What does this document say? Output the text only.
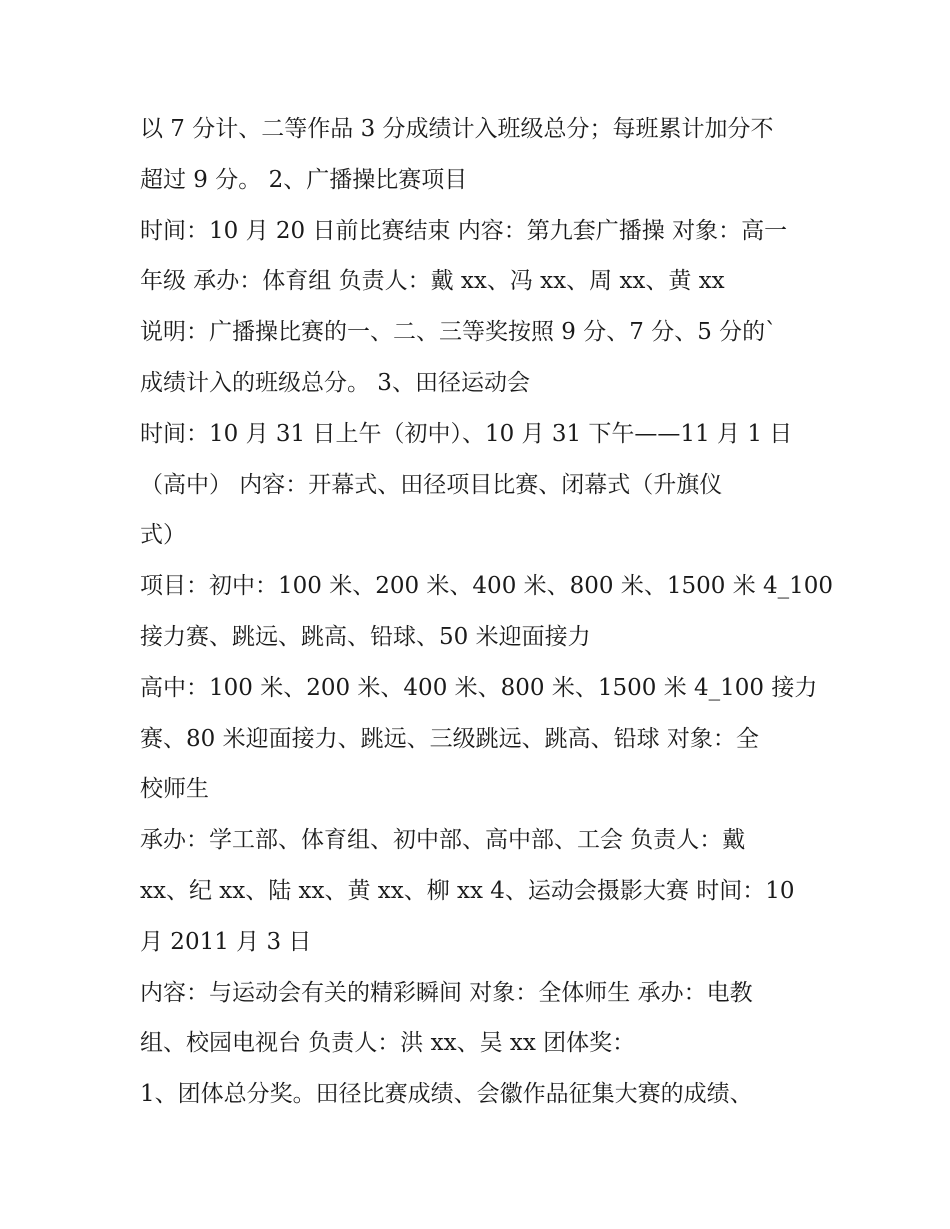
以 7 分计、二等作品 3 分成绩计入班级总分；每班累计加分不
超过 9 分。 2、广播操比赛项目
时间：10 月 20 日前比赛结束 内容：第九套广播操 对象：高一
年级 承办：体育组 负责人：戴 xx、冯 xx、周 xx、黄 xx
说明：广播操比赛的一、二、三等奖按照 9 分、7 分、5 分的`
成绩计入的班级总分。 3、田径运动会
时间：10 月 31 日上午（初中）、10 月 31 下午——11 月 1 日
（高中） 内容：开幕式、田径项目比赛、闭幕式（升旗仪
式）
项目：初中：100 米、200 米、400 米、800 米、1500 米 4_100
接力赛、跳远、跳高、铅球、50 米迎面接力
高中：100 米、200 米、400 米、800 米、1500 米 4_100 接力
赛、80 米迎面接力、跳远、三级跳远、跳高、铅球 对象：全
校师生
承办：学工部、体育组、初中部、高中部、工会 负责人：戴
xx、纪 xx、陆 xx、黄 xx、柳 xx 4、运动会摄影大赛 时间：10
月 2011 月 3 日
内容：与运动会有关的精彩瞬间 对象：全体师生 承办：电教
组、校园电视台 负责人：洪 xx、吴 xx 团体奖：
1、团体总分奖。田径比赛成绩、会徽作品征集大赛的成绩、
